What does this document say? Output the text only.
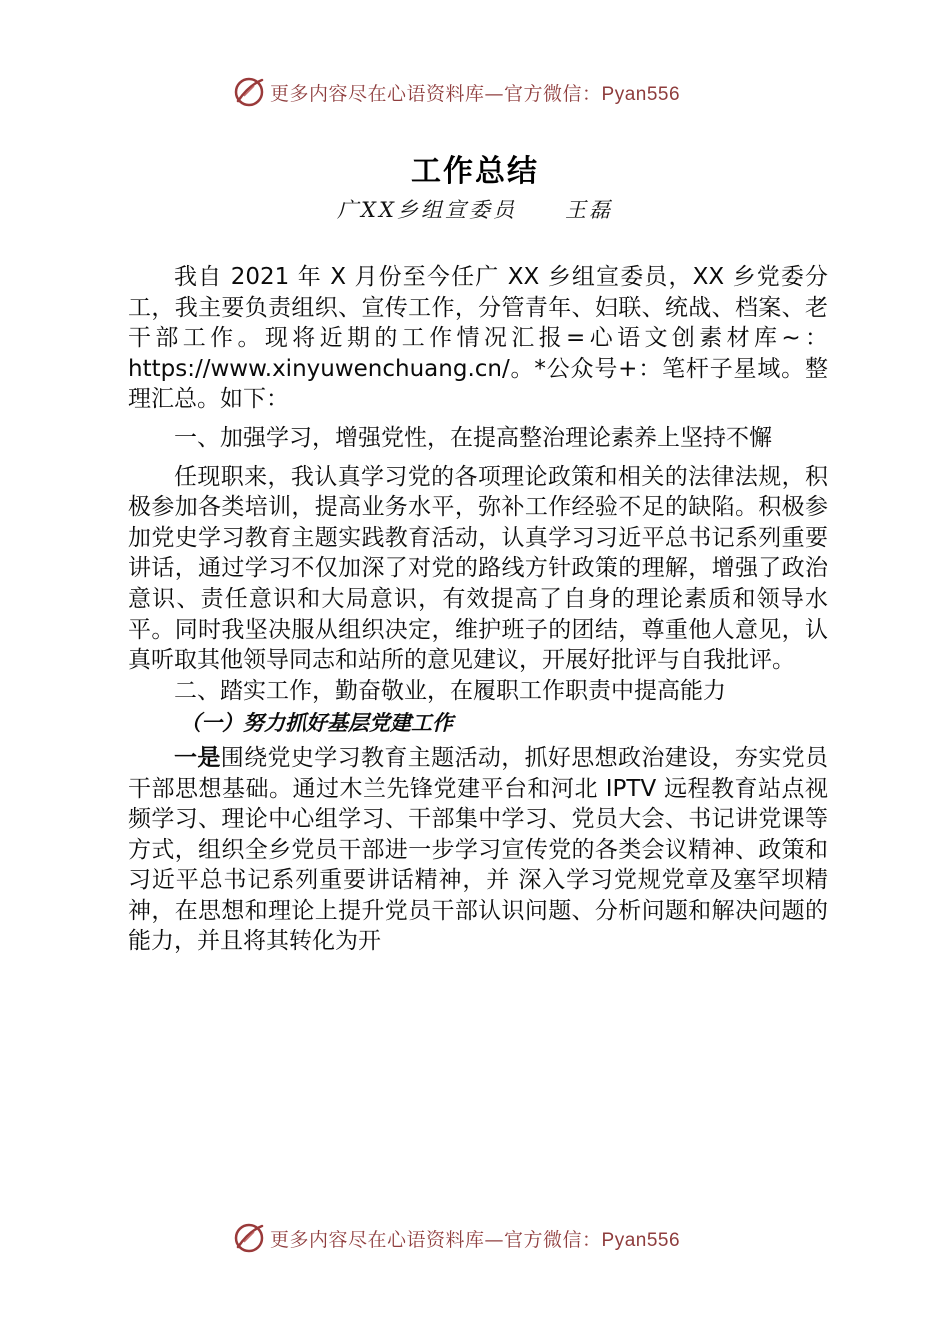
更多内容尽在心语资料库—官方微信：Pyan556
工作总结
广XX乡组宣委员 王磊

我自 2021 年 X 月份至今任广 XX 乡组宣委员，XX 乡党委分工，我主要负责组织、宣传工作，分管青年、妇联、统战、档案、老干部工作。现将近期的工作情况汇报=心语文创素材库~：https://www.xinyuwenchuang.cn/。*公众号+：笔杆子星域。整理汇总。如下：

一、加强学习，增强党性，在提高整治理论素养上坚持不懈

任现职来，我认真学习党的各项理论政策和相关的法律法规，积极参加各类培训，提高业务水平，弥补工作经验不足的缺陷。积极参加党史学习教育主题实践教育活动，认真学习习近平总书记系列重要讲话，通过学习不仅加深了对党的路线方针政策的理解，增强了政治意识、责任意识和大局意识，有效提高了自身的理论素质和领导水平。同时我坚决服从组织决定，维护班子的团结，尊重他人意见，认真听取其他领导同志和站所的意见建议，开展好批评与自我批评。

二、踏实工作，勤奋敬业，在履职工作职责中提高能力

（一）努力抓好基层党建工作

一是围绕党史学习教育主题活动，抓好思想政治建设，夯实党员干部思想基础。通过木兰先锋党建平台和河北 IPTV 远程教育站点视频学习、理论中心组学习、干部集中学习、党员大会、书记讲党课等方式，组织全乡党员干部进一步学习宣传党的各类会议精神、政策和习近平总书记系列重要讲话精神，并 深入学习党规党章及塞罕坝精神，在思想和理论上提升党员干部认识问题、分析问题和解决问题的能力，并且将其转化为开

更多内容尽在心语资料库—官方微信：Pyan556
